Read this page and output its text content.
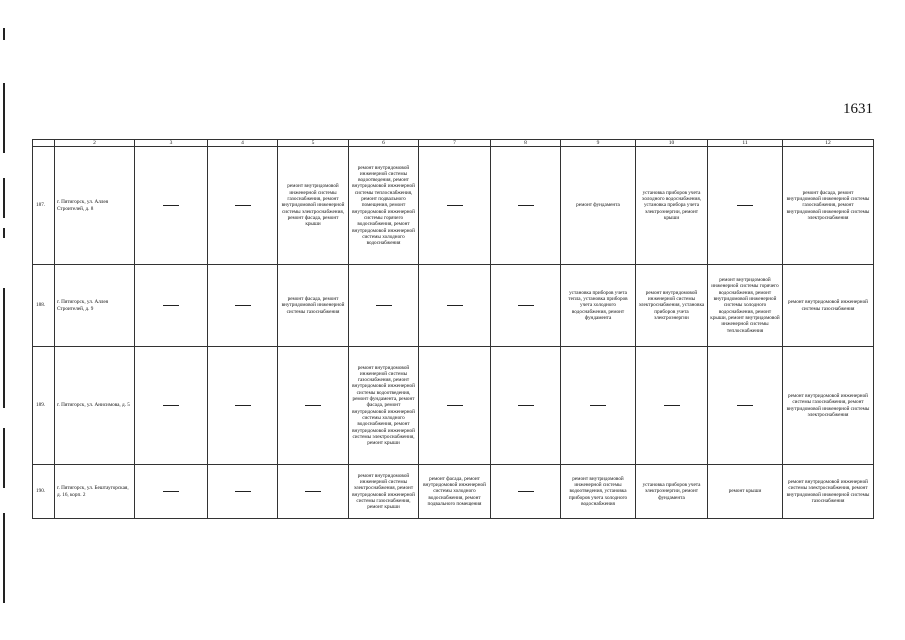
1631
	2	3	4	5	6	7	8	9	10	11	12
187.	г. Пятигорск, ул. Аллея Строителей, д. 8			ремонт внутридомовой инженерной системы газоснабжения, ремонт внутридомовой инженерной системы электроснабжения, ремонт фасада, ремонт крыши	ремонт внутридомовой инженерной системы водоотведения, ремонт внутридомовой инженерной системы теплоснабжения, ремонт подвального помещения, ремонт внутридомовой инженерной системы горячего водоснабжения, ремонт внутридомовой инженерной системы холодного водоснабжения			ремонт фундамента	установка приборов учета холодного водоснабжения, установка прибора учета электроэнергии, ремонт крыши		ремонт фасада, ремонт внутридомовой инженерной системы газоснабжения, ремонт внутридомовой инженерной системы электроснабжения
188.	г. Пятигорск, ул. Аллея Строителей, д. 9			ремонт фасада, ремонт внутридомовой инженерной системы газоснабжения				установка приборов учета тепла, установка приборов учета холодного водоснабжения, ремонт фундамента	ремонт внутридомовой инженерной системы электроснабжения, установка приборов учета электроэнергии	ремонт внутридомовой инженерной системы горячего водоснабжения, ремонт внутридомовой инженерной системы холодного водоснабжения, ремонт крыши, ремонт внутридомовой инженерной системы теплоснабжения	ремонт внутридомовой инженерной системы газоснабжения
189.	г. Пятигорск, ул. Анисимова, д. 5				ремонт внутридомовой инженерной системы газоснабжения, ремонт внутридомовой инженерной системы водоотведения, ремонт фундамента, ремонт фасада, ремонт внутридомовой инженерной системы холодного водоснабжения, ремонт внутридомовой инженерной системы электроснабжения, ремонт крыши						ремонт внутридомовой инженерной системы газоснабжения, ремонт внутридомовой инженерной системы электроснабжения
190.	г. Пятигорск, ул. Бештаугорская, д. 16, корп. 2				ремонт внутридомовой инженерной системы электроснабжения, ремонт внутридомовой инженерной системы газоснабжения, ремонт крыши	ремонт фасада, ремонт внутридомовой инженерной системы холодного водоснабжения, ремонт подвального помещения		ремонт внутридомовой инженерной системы водоотведения, установка приборов учета холодного водоснабжения	установка приборов учета электроэнергии, ремонт фундамента	ремонт крыши	ремонт внутридомовой инженерной системы электроснабжения, ремонт внутридомовой инженерной системы газоснабжения
